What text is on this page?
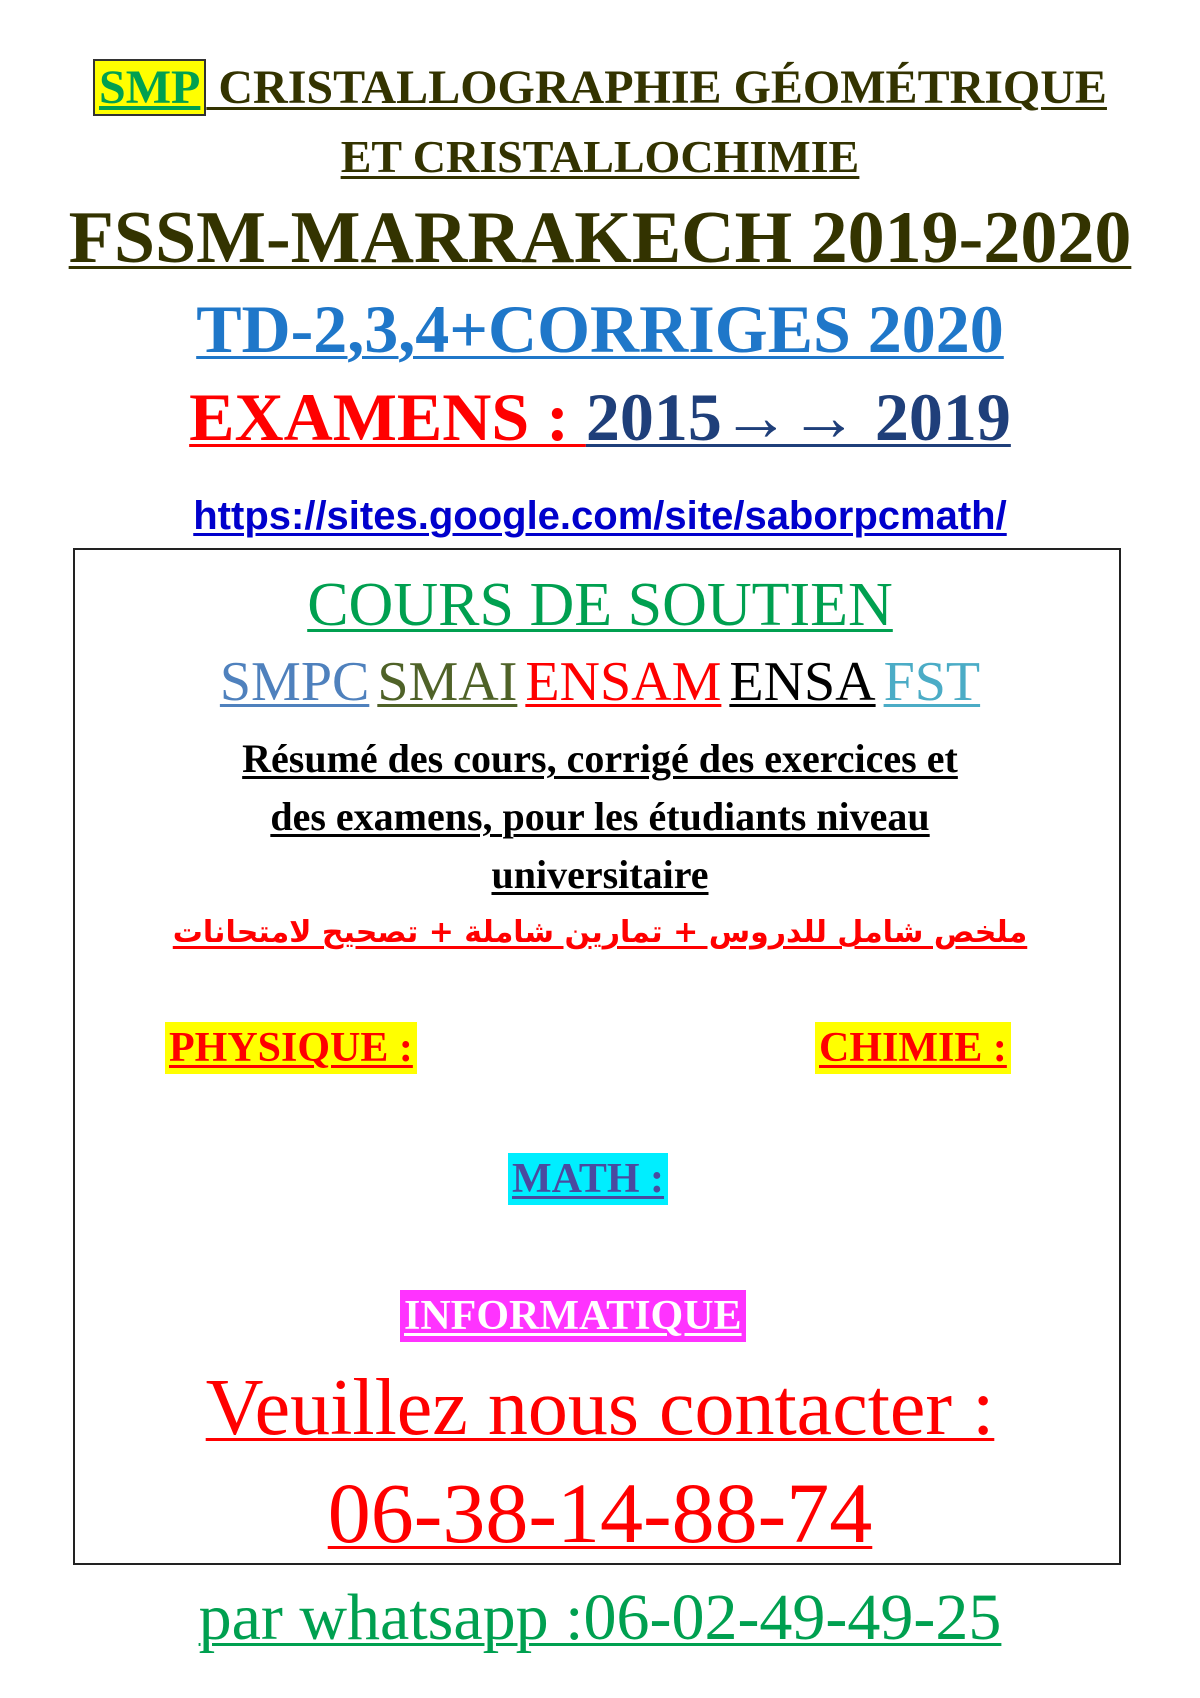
SMP CRISTALLOGRAPHIE GÉOMÉTRIQUE
ET CRISTALLOCHIMIE
FSSM-MARRAKECH 2019-2020
TD-2,3,4+CORRIGES 2020
EXAMENS : 2015→→ 2019
https://sites.google.com/site/saborpcmath/
COURS DE SOUTIEN
SMPC SMAI ENSAM ENSA FST
Résumé des cours, corrigé des exercices et
des examens, pour les étudiants niveau
universitaire
ملخص شامل للدروس + تمارين شاملة + تصحيح لامتحانات
PHYSIQUE :	CHIMIE :
MATH :
INFORMATIQUE
Veuillez nous contacter :
06-38-14-88-74
par whatsapp :06-02-49-49-25
